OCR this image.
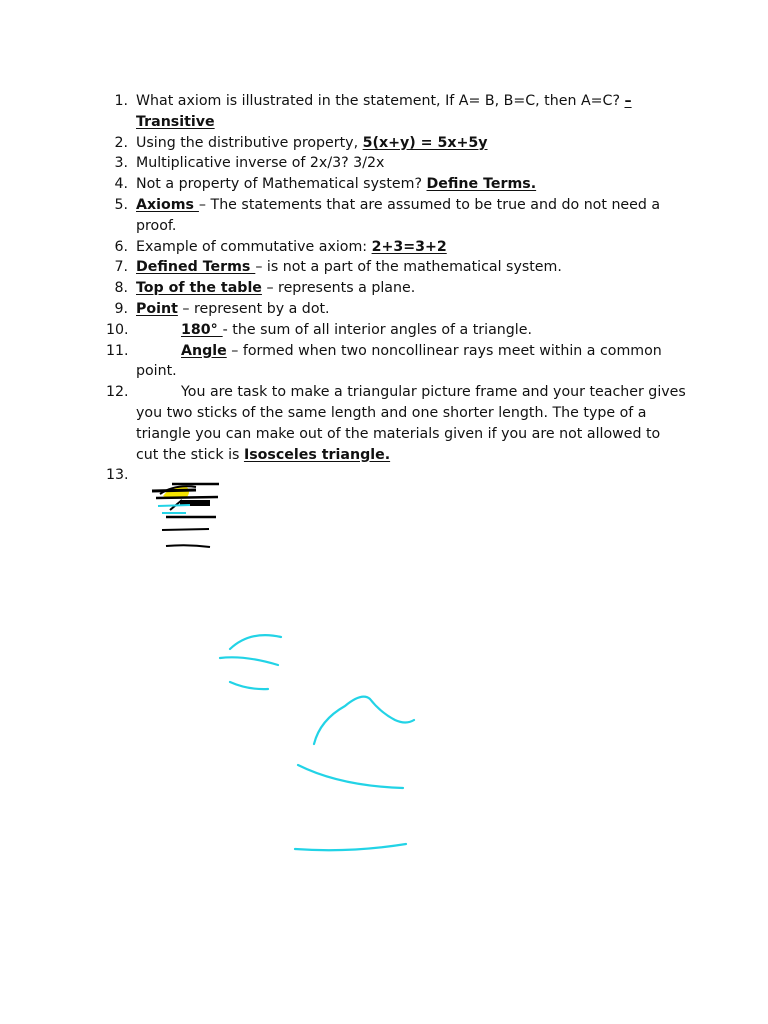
1. What axiom is illustrated in the statement, If A= B, B=C, then A=C? – Transitive
2. Using the distributive property, 5(x+y) = 5x+5y
3. Multiplicative inverse of 2x/3? 3/2x
4. Not a property of Mathematical system? Define Terms.
5. Axioms – The statements that are assumed to be true and do not need a proof.
6. Example of commutative axiom: 2+3=3+2
7. Defined Terms – is not a part of the mathematical system.
8. Top of the table – represents a plane.
9. Point – represent by a dot.
10.	180° - the sum of all interior angles of a triangle.
11.	Angle – formed when two noncollinear rays meet within a common point.
12.	You are task to make a triangular picture frame and your teacher gives you two sticks of the same length and one shorter length. The type of a triangle you can make out of the materials given if you are not allowed to cut the stick is Isosceles triangle.
13.
